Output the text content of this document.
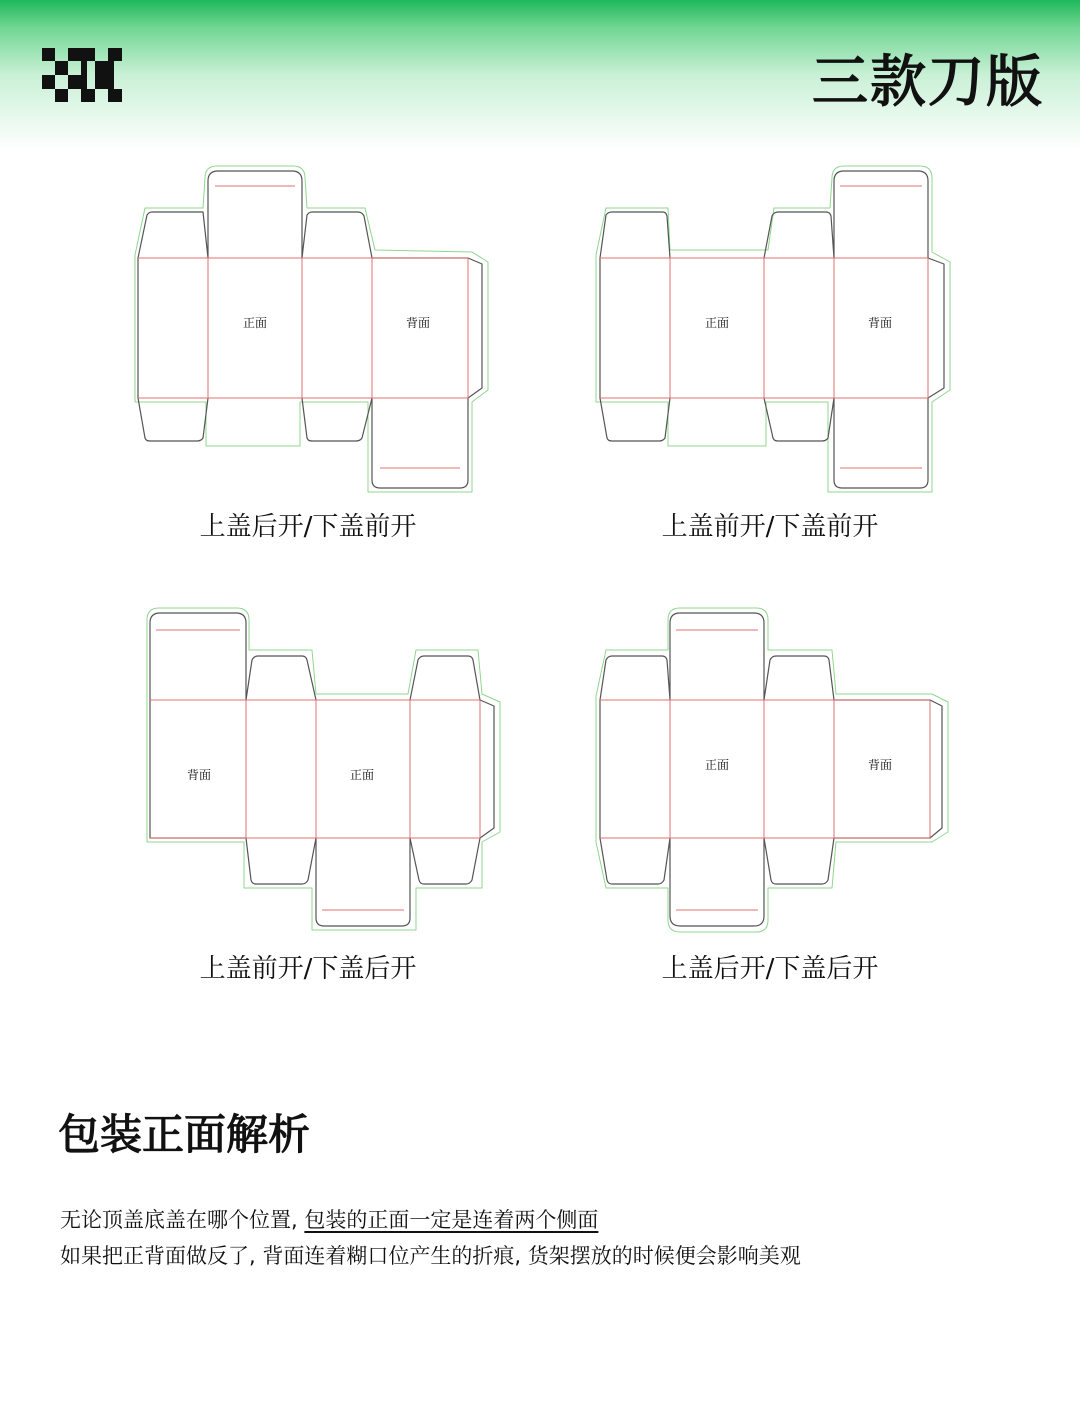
三款刀版
正面	背面
上盖后开/下盖前开
正面	背面
上盖前开/下盖前开
背面	正面
上盖前开/下盖后开
正面	背面
上盖后开/下盖后开
包装正面解析
无论顶盖底盖在哪个位置, 包装的正面一定是连着两个侧面
如果把正背面做反了, 背面连着糊口位产生的折痕, 货架摆放的时候便会影响美观
